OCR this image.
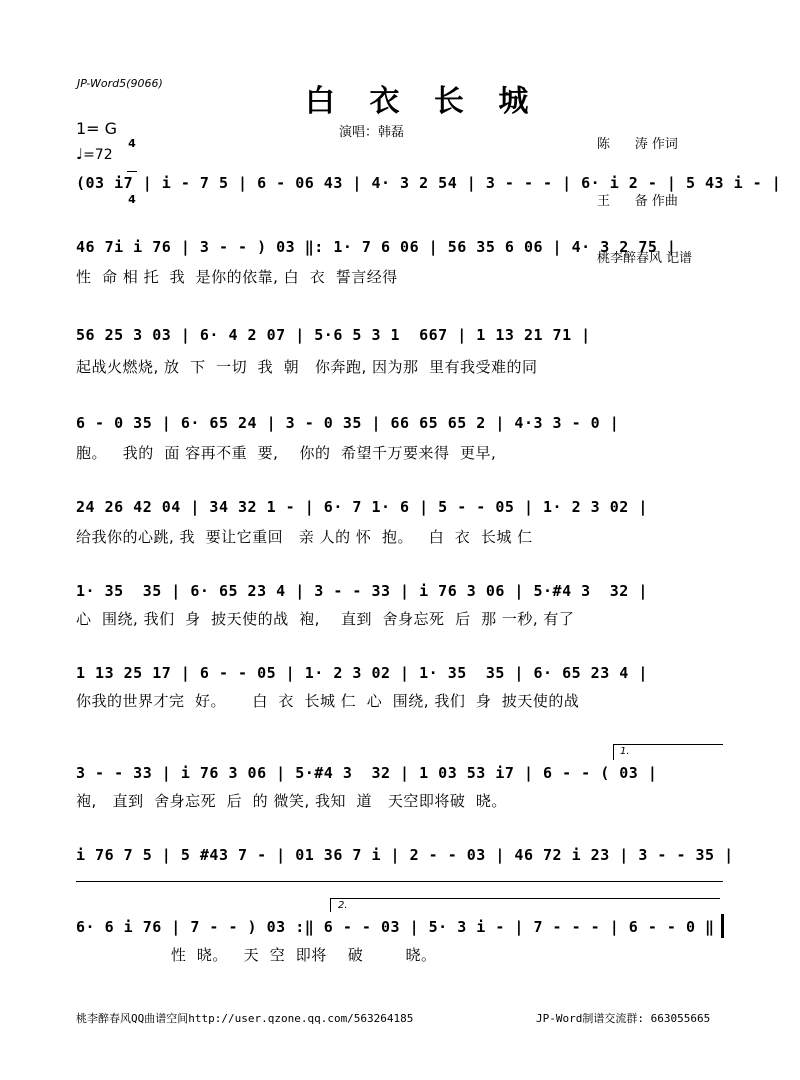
JP-Word5(9066)
白 衣 长 城
演唱：韩磊

陈      涛 作词

王      备 作曲

桃李醉春风 记谱

1= G

4

4

♩=72
(03 i7 | i - 7 5 | 6 - 06 43 | 4· 3 2 54 | 3 - - - | 6· i 2 - | 5 43 i - |
46 7i i 76 | 3 - - ) 03 ‖: 1· 7 6 06 | 56 35 6 06 | 4· 3 2 75 |
性  命 相 托  我  是你的依靠, 白  衣  誓言经得
56 25 3 03 | 6· 4 2 07 | 5·6 5 3 1  667 | 1 13 21 71 |
起战火燃烧, 放  下  一切  我  朝   你奔跑, 因为那  里有我受难的同
6 - 0 35 | 6· 65 24 | 3 - 0 35 | 66 65 65 2 | 4·3 3 - 0 |
胞。   我的  面 容再不重  要,    你的  希望千万要来得  更早,
24 26 42 04 | 34 32 1 - | 6· 7 1· 6 | 5 - - 05 | 1· 2 3 02 |
给我你的心跳, 我  要让它重回   亲 人的 怀  抱。   白  衣  长城 仁
1· 35  35 | 6· 65 23 4 | 3 - - 33 | i 76 3 06 | 5·#4 3  32 |
心  围绕, 我们  身  披天使的战  袍,    直到  舍身忘死  后  那 一秒, 有了
1 13 25 17 | 6 - - 05 | 1· 2 3 02 | 1· 35  35 | 6· 65 23 4 |
你我的世界才完  好。     白  衣  长城 仁  心  围绕, 我们  身  披天使的战
1.
3 - - 33 | i 76 3 06 | 5·#4 3  32 | 1 03 53 i7 | 6 - - ( 03 |
袍,   直到  舍身忘死  后  的 微笑, 我知  道   天空即将破  晓。
i 76 7 5 | 5 #43 7 - | 01 36 7 i | 2 - - 03 | 46 72 i 23 | 3 - - 35 |
2.
6· 6 i 76 | 7 - - ) 03 :‖ 6 - - 03 | 5· 3 i - | 7 - - - | 6 - - 0 ‖
性  晓。   天  空  即将    破        晓。
桃李醉春风QQ曲谱空间http://user.qzone.qq.com/563264185	JP-Word制谱交流群: 663055665
